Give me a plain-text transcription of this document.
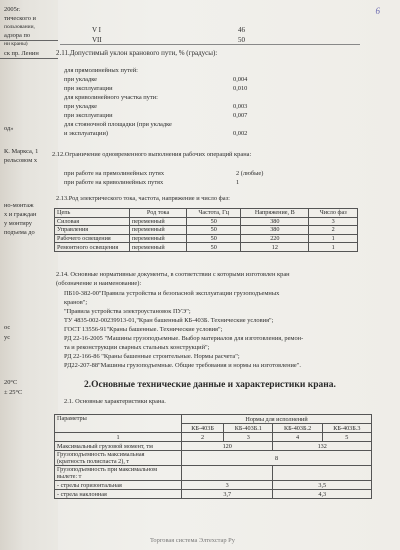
2005г.
тического и
пользовании,
адзора по
ни краны)
ск пр. Ленин
од»
К. Маркса, 1
рельсовом х
но-монтаж
х и граждан
у монтиру
подъема до
ос
ус
20°С
± 25°С
6
V I	46
VII	50
2.11.Допустимый уклон кранового пути, % (градусы):
для прямолинейных путей:
при укладке	0,004
при эксплуатации	0,010
для криволинейного участка пути:
при укладке	0,003
при эксплуатации	0,007
для стояночной площадки (при укладке
и эксплуатации)	0,002
2.12.Ограничение одновременного выполнения рабочих операций крана:
при работе на прямолинейных путях	2 (любые)
при работе на криволинейных путях	1
2.13.Род электрического тока, частота, напряжение и число фаз:
Цепь	Род тока	Частота, Гц	Напряжение, В	Число фаз
Силовая	переменный	50	380	3
Управления	переменный	50	380	2
Рабочего освещения	переменный	50	220	1
Ремонтного освещения	переменный	50	12	1
2.14. Основные нормативные документы, в соответствии с которыми изготовлен кран
(обозначение и наименование):
ПБ10-382-00"Правила устройства и безопасной эксплуатации грузоподъемных
кранов";
"Правила устройства электроустановок ПУЭ";
ТУ 4835-002-00239913-01,"Кран башенный КБ-403Б. Технические условия";
ГОСТ 13556-91"Краны башенные. Технические условия";
РД 22-16-2005 "Машины грузоподъемные. Выбор материалов для изготовления, ремон-
та и реконструкции сварных стальных конструкций";
РД 22-166-86 "Краны башенные строительные. Нормы расчета";
РД22-207-88"Машины грузоподъемные. Общие требования и нормы на изготовление".
2.Основные технические данные и характеристики крана.
2.1. Основные характеристики крана.
Параметры	Нормы для исполнений			
	КБ-403Б	КБ-403Б.1	КБ-403Б.2	КБ-403Б.3
1	2	3	4	5
Максимальный грузовой момент, тм	120		132	
Грузоподъемность максимальная
(кратность полиспаста 2), т	8			
Грузоподъемность при максимальном
вылете: т				
- стрелы горизонтальная	3		3,5	
- стрела наклонная	3,7		4,3	
Торговая система Элтехстар Ру
